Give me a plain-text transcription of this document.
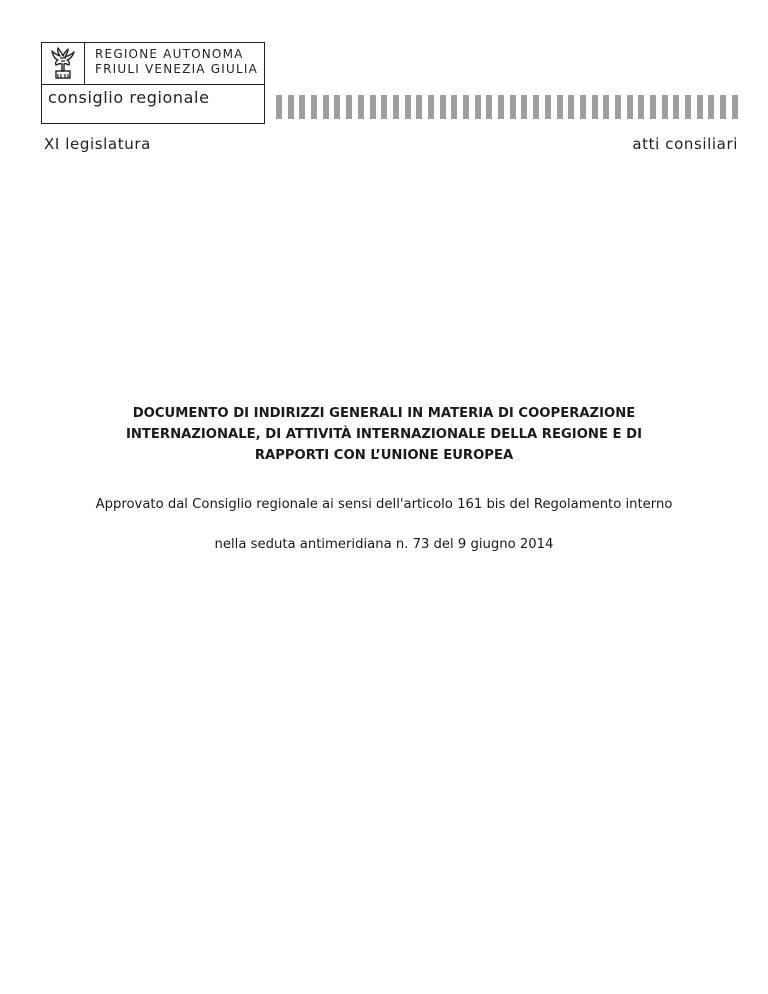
REGIONE AUTONOMA
FRIULI VENEZIA GIULIA
consiglio regionale
XI legislatura	atti consiliari
DOCUMENTO DI INDIRIZZI GENERALI IN MATERIA DI COOPERAZIONE
INTERNAZIONALE, DI ATTIVITÀ INTERNAZIONALE DELLA REGIONE E DI
RAPPORTI CON L’UNIONE EUROPEA
Approvato dal Consiglio regionale ai sensi dell'articolo 161 bis del Regolamento interno
nella seduta antimeridiana n. 73 del 9 giugno 2014
